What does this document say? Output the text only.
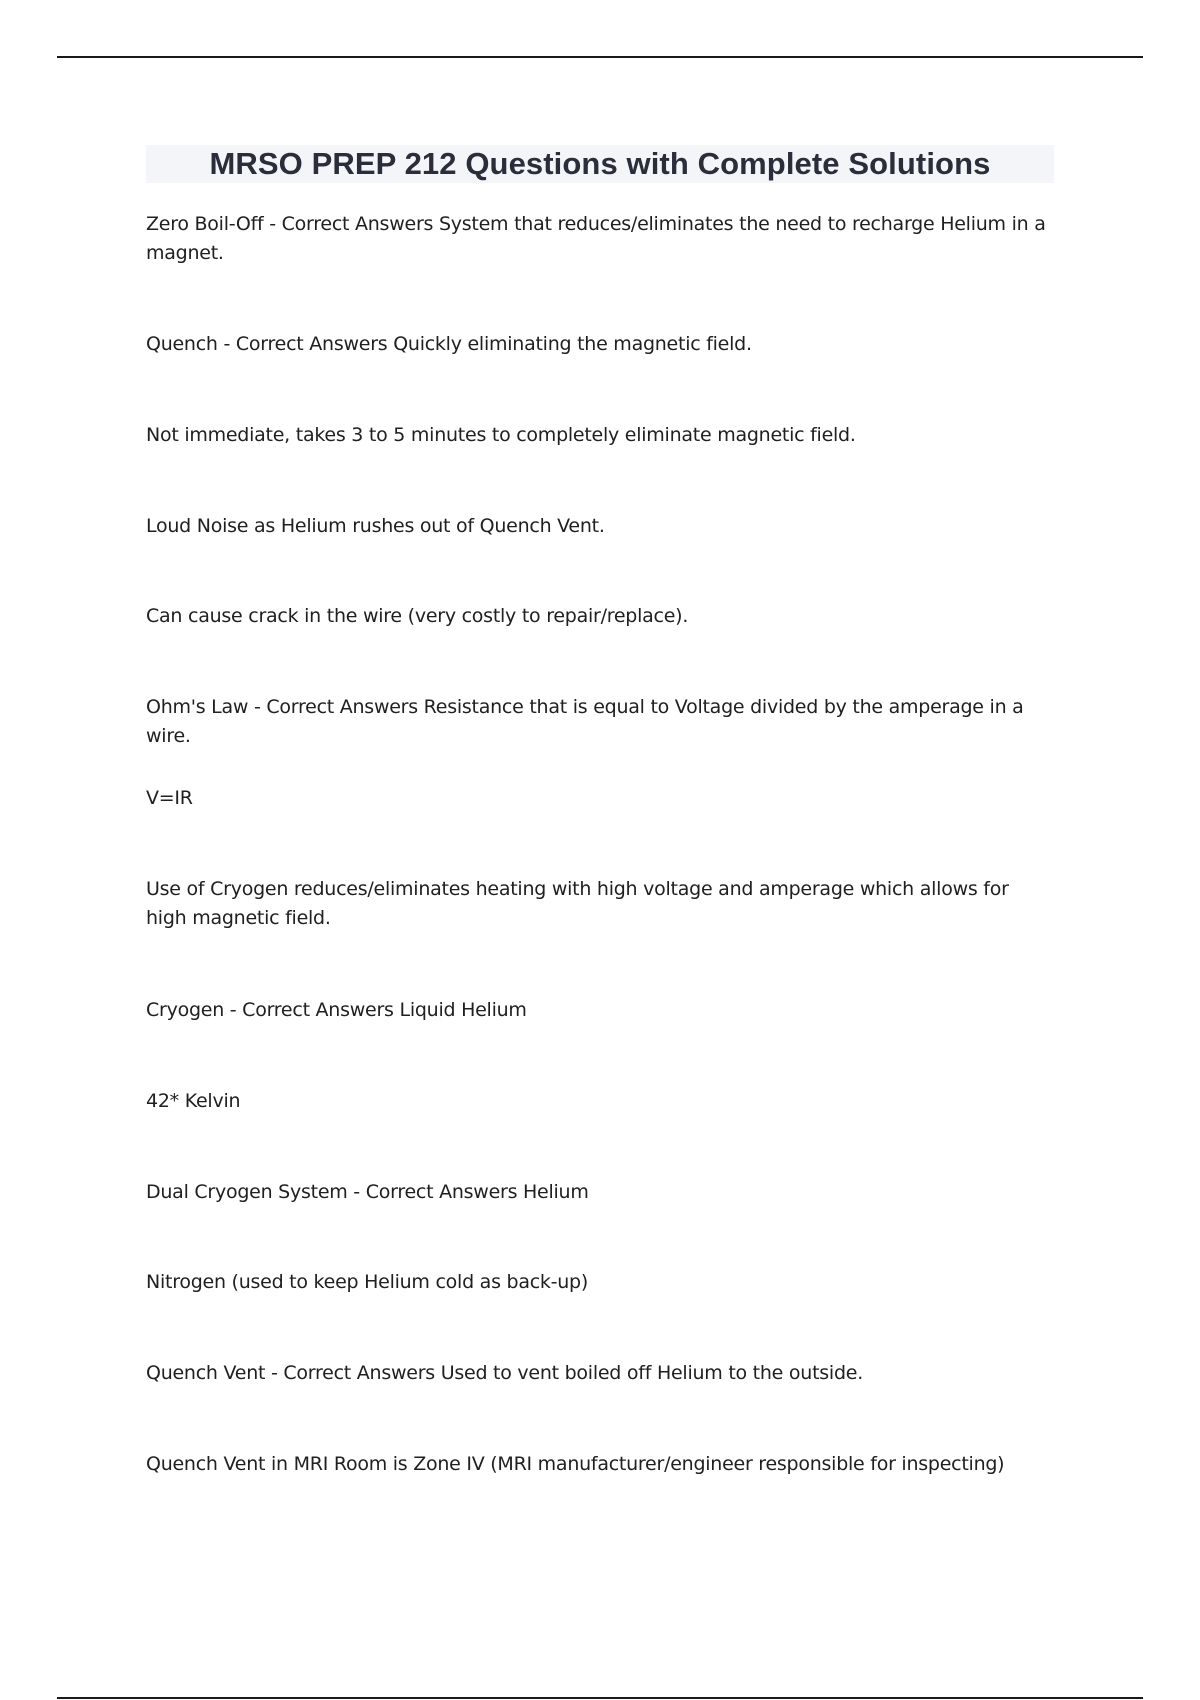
MRSO PREP 212 Questions with Complete Solutions
Zero Boil-Off - Correct Answers System that reduces/eliminates the need to recharge Helium in a magnet.
Quench - Correct Answers Quickly eliminating the magnetic field.
Not immediate, takes 3 to 5 minutes to completely eliminate magnetic field.
Loud Noise as Helium rushes out of Quench Vent.
Can cause crack in the wire (very costly to repair/replace).
Ohm's Law - Correct Answers Resistance that is equal to Voltage divided by the amperage in a wire.
V=IR
Use of Cryogen reduces/eliminates heating with high voltage and amperage which allows for high magnetic field.
Cryogen - Correct Answers Liquid Helium
42* Kelvin
Dual Cryogen System - Correct Answers Helium
Nitrogen (used to keep Helium cold as back-up)
Quench Vent - Correct Answers Used to vent boiled off Helium to the outside.
Quench Vent in MRI Room is Zone IV (MRI manufacturer/engineer responsible for inspecting)
